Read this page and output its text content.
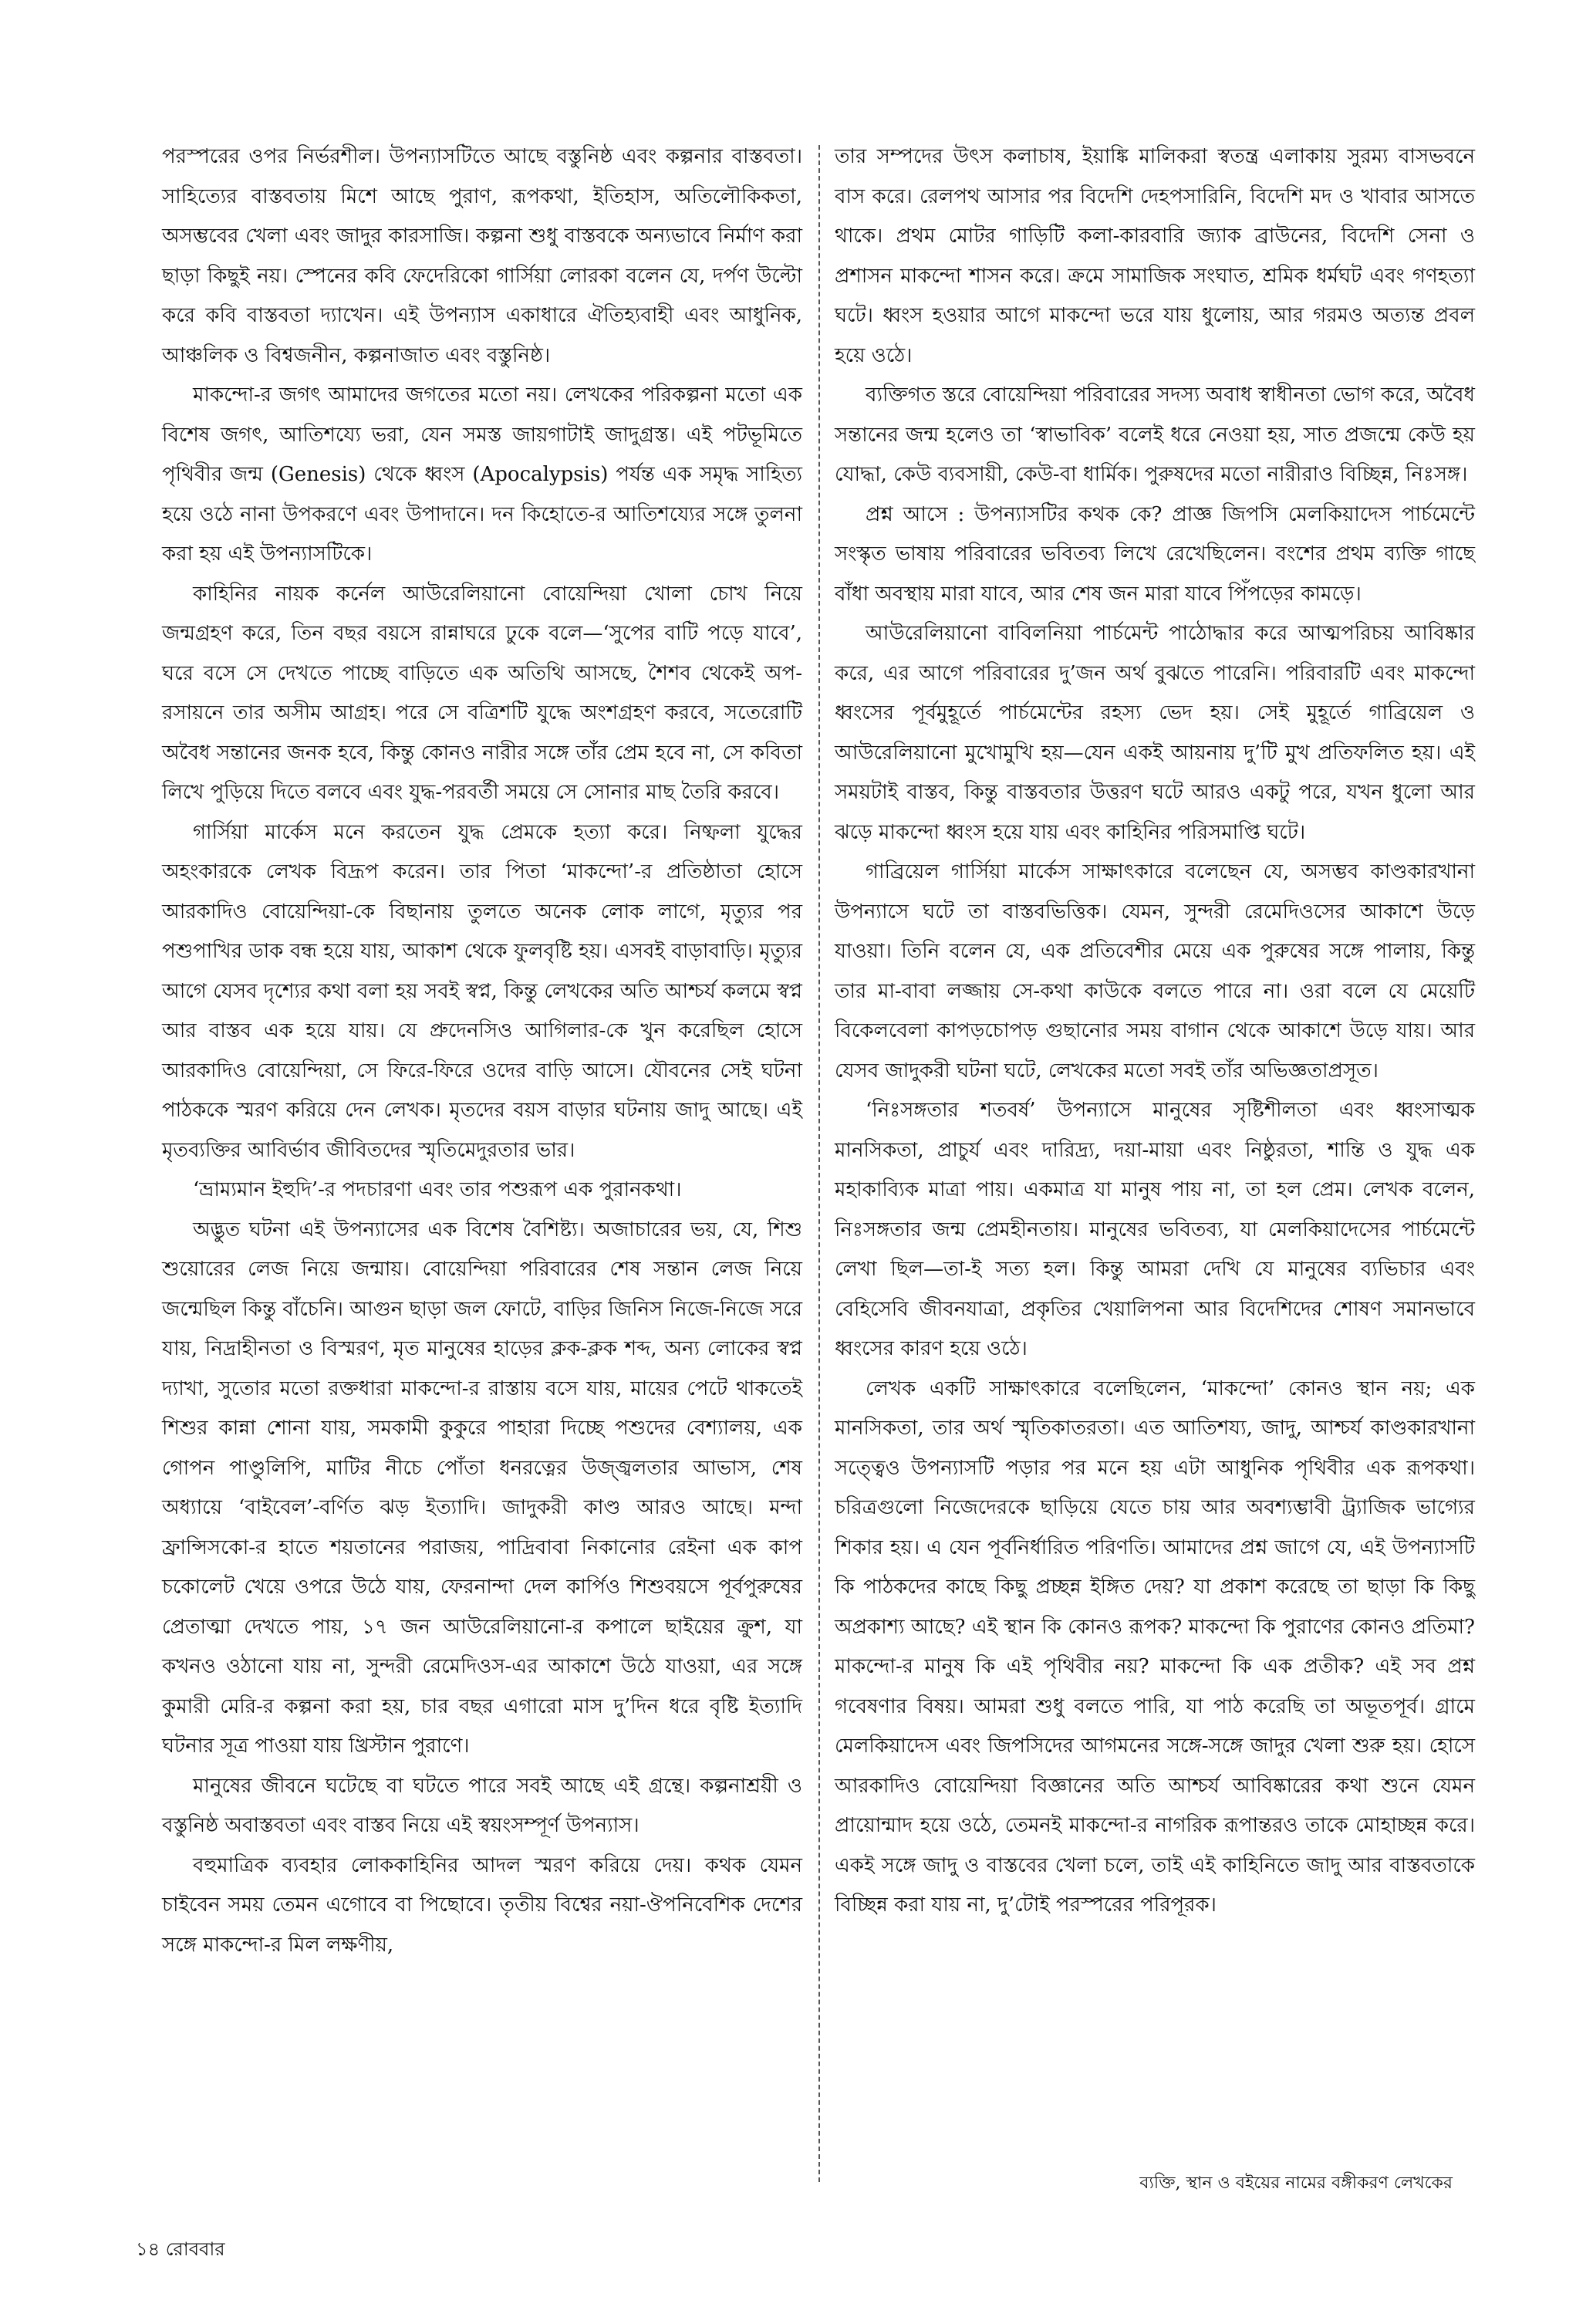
পরস্পরের ওপর নির্ভরশীল। উপন্যাসটিতে আছে বস্তুনিষ্ঠ এবং কল্পনার বাস্তবতা। সাহিত্যের বাস্তবতায় মিশে আছে পুরাণ, রূপকথা, ইতিহাস, অতিলৌকিকতা, অসম্ভবের খেলা এবং জাদুর কারসাজি। কল্পনা শুধু বাস্তবকে অন্যভাবে নির্মাণ করা ছাড়া কিছুই নয়। স্পেনের কবি ফেদেরিকো গার্সিয়া লোরকা বলেন যে, দর্পণ উল্টো করে কবি বাস্তবতা দ্যাখেন। এই উপন্যাস একাধারে ঐতিহ্যবাহী এবং আধুনিক, আঞ্চলিক ও বিশ্বজনীন, কল্পনাজাত এবং বস্তুনিষ্ঠ।

মাকন্দো-র জগৎ আমাদের জগতের মতো নয়। লেখকের পরিকল্পনা মতো এক বিশেষ জগৎ, আতিশয্যে ভরা, যেন সমস্ত জায়গাটাই জাদুগ্রস্ত। এই পটভূমিতে পৃথিবীর জন্ম (Genesis) থেকে ধ্বংস (Apocalypsis) পর্যন্ত এক সমৃদ্ধ সাহিত্য হয়ে ওঠে নানা উপকরণে এবং উপাদানে। দন কিহোতে-র আতিশয্যের সঙ্গে তুলনা করা হয় এই উপন্যাসটিকে।

কাহিনির নায়ক কর্নেল আউরেলিয়ানো বোয়েন্দিয়া খোলা চোখ নিয়ে জন্মগ্রহণ করে, তিন বছর বয়সে রান্নাঘরে ঢুকে বলে—‘সুপের বাটি পড়ে যাবে’, ঘরে বসে সে দেখতে পাচ্ছে বাড়িতে এক অতিথি আসছে, শৈশব থেকেই অপ-রসায়নে তার অসীম আগ্রহ। পরে সে বত্রিশটি যুদ্ধে অংশগ্রহণ করবে, সতেরোটি অবৈধ সন্তানের জনক হবে, কিন্তু কোনও নারীর সঙ্গে তাঁর প্রেম হবে না, সে কবিতা লিখে পুড়িয়ে দিতে বলবে এবং যুদ্ধ-পরবর্তী সময়ে সে সোনার মাছ তৈরি করবে।

গার্সিয়া মার্কেস মনে করতেন যুদ্ধ প্রেমকে হত্যা করে। নিষ্ফলা যুদ্ধের অহংকারকে লেখক বিদ্রূপ করেন। তার পিতা ‘মাকন্দো’-র প্রতিষ্ঠাতা হোসে আরকাদিও বোয়েন্দিয়া-কে বিছানায় তুলতে অনেক লোক লাগে, মৃত্যুর পর পশুপাখির ডাক বন্ধ হয়ে যায়, আকাশ থেকে ফুলবৃষ্টি হয়। এসবই বাড়াবাড়ি। মৃত্যুর আগে যেসব দৃশ্যের কথা বলা হয় সবই স্বপ্ন, কিন্তু লেখকের অতি আশ্চর্য কলমে স্বপ্ন আর বাস্তব এক হয়ে যায়। যে প্রুদেনসিও আগিলার-কে খুন করেছিল হোসে আরকাদিও বোয়েন্দিয়া, সে ফিরে-ফিরে ওদের বাড়ি আসে। যৌবনের সেই ঘটনা পাঠককে স্মরণ করিয়ে দেন লেখক। মৃতদের বয়স বাড়ার ঘটনায় জাদু আছে। এই মৃতব্যক্তির আবির্ভাব জীবিতদের স্মৃতিমেদুরতার ভার।

‘ভ্রাম্যমান ইহুদি’-র পদচারণা এবং তার পশুরূপ এক পুরানকথা।

অদ্ভুত ঘটনা এই উপন্যাসের এক বিশেষ বৈশিষ্ট্য। অজাচারের ভয়, যে, শিশু শুয়োরের লেজ নিয়ে জন্মায়। বোয়েন্দিয়া পরিবারের শেষ সন্তান লেজ নিয়ে জন্মেছিল কিন্তু বাঁচেনি। আগুন ছাড়া জল ফোটে, বাড়ির জিনিস নিজে-নিজে সরে যায়, নিদ্রাহীনতা ও বিস্মরণ, মৃত মানুষের হাড়ের ক্লক-ক্লক শব্দ, অন্য লোকের স্বপ্ন দ্যাখা, সুতোর মতো রক্তধারা মাকন্দো-র রাস্তায় বসে যায়, মায়ের পেটে থাকতেই শিশুর কান্না শোনা যায়, সমকামী কুকুরে পাহারা দিচ্ছে পশুদের বেশ্যালয়, এক গোপন পাণ্ডুলিপি, মাটির নীচে পোঁতা ধনরত্নের উজ্জ্বলতার আভাস, শেষ অধ্যায়ে ‘বাইবেল’-বর্ণিত ঝড় ইত্যাদি। জাদুকরী কাণ্ড আরও আছে। মন্দা ফ্রান্সিসকো-র হাতে শয়তানের পরাজয়, পাদ্রিবাবা নিকানোর রেইনা এক কাপ চকোলেট খেয়ে ওপরে উঠে যায়, ফেরনান্দা দেল কার্পিও শিশুবয়সে পূর্বপুরুষের প্রেতাত্মা দেখতে পায়, ১৭ জন আউরেলিয়ানো-র কপালে ছাইয়ের ক্রুশ, যা কখনও ওঠানো যায় না, সুন্দরী রেমেদিওস-এর আকাশে উঠে যাওয়া, এর সঙ্গে কুমারী মেরি-র কল্পনা করা হয়, চার বছর এগারো মাস দু’দিন ধরে বৃষ্টি ইত্যাদি ঘটনার সূত্র পাওয়া যায় খ্রিস্টান পুরাণে।

মানুষের জীবনে ঘটেছে বা ঘটতে পারে সবই আছে এই গ্রন্থে। কল্পনাশ্রয়ী ও বস্তুনিষ্ঠ অবাস্তবতা এবং বাস্তব নিয়ে এই স্বয়ংসম্পূর্ণ উপন্যাস।

বহুমাত্রিক ব্যবহার লোককাহিনির আদল স্মরণ করিয়ে দেয়। কথক যেমন চাইবেন সময় তেমন এগোবে বা পিছোবে। তৃতীয় বিশ্বের নয়া-ঔপনিবেশিক দেশের সঙ্গে মাকন্দো-র মিল লক্ষণীয়,

তার সম্পদের উৎস কলাচাষ, ইয়াঙ্কি মালিকরা স্বতন্ত্র এলাকায় সুরম্য বাসভবনে বাস করে। রেলপথ আসার পর বিদেশি দেহপসারিনি, বিদেশি মদ ও খাবার আসতে থাকে। প্রথম মোটর গাড়িটি কলা-কারবারি জ্যাক ব্রাউনের, বিদেশি সেনা ও প্রশাসন মাকন্দো শাসন করে। ক্রমে সামাজিক সংঘাত, শ্রমিক ধর্মঘট এবং গণহত্যা ঘটে। ধ্বংস হওয়ার আগে মাকন্দো ভরে যায় ধুলোয়, আর গরমও অত্যন্ত প্রবল হয়ে ওঠে।

ব্যক্তিগত স্তরে বোয়েন্দিয়া পরিবারের সদস্য অবাধ স্বাধীনতা ভোগ করে, অবৈধ সন্তানের জন্ম হলেও তা ‘স্বাভাবিক’ বলেই ধরে নেওয়া হয়, সাত প্রজন্মে কেউ হয় যোদ্ধা, কেউ ব্যবসায়ী, কেউ-বা ধার্মিক। পুরুষদের মতো নারীরাও বিচ্ছিন্ন, নিঃসঙ্গ।

প্রশ্ন আসে : উপন্যাসটির কথক কে? প্রাজ্ঞ জিপসি মেলকিয়াদেস পার্চমেন্টে সংস্কৃত ভাষায় পরিবারের ভবিতব্য লিখে রেখেছিলেন। বংশের প্রথম ব্যক্তি গাছে বাঁধা অবস্থায় মারা যাবে, আর শেষ জন মারা যাবে পিঁপড়ের কামড়ে।

আউরেলিয়ানো বাবিলনিয়া পার্চমেন্ট পাঠোদ্ধার করে আত্মপরিচয় আবিষ্কার করে, এর আগে পরিবারের দু’জন অর্থ বুঝতে পারেনি। পরিবারটি এবং মাকন্দো ধ্বংসের পূর্বমুহূর্তে পার্চমেন্টের রহস্য ভেদ হয়। সেই মুহূর্তে গাব্রিয়েল ও আউরেলিয়ানো মুখোমুখি হয়—যেন একই আয়নায় দু’টি মুখ প্রতিফলিত হয়। এই সময়টাই বাস্তব, কিন্তু বাস্তবতার উত্তরণ ঘটে আরও একটু পরে, যখন ধুলো আর ঝড়ে মাকন্দো ধ্বংস হয়ে যায় এবং কাহিনির পরিসমাপ্তি ঘটে।

গাব্রিয়েল গার্সিয়া মার্কেস সাক্ষাৎকারে বলেছেন যে, অসম্ভব কাণ্ডকারখানা উপন্যাসে ঘটে তা বাস্তবভিত্তিক। যেমন, সুন্দরী রেমেদিওসের আকাশে উড়ে যাওয়া। তিনি বলেন যে, এক প্রতিবেশীর মেয়ে এক পুরুষের সঙ্গে পালায়, কিন্তু তার মা-বাবা লজ্জায় সে-কথা কাউকে বলতে পারে না। ওরা বলে যে মেয়েটি বিকেলবেলা কাপড়চোপড় গুছানোর সময় বাগান থেকে আকাশে উড়ে যায়। আর যেসব জাদুকরী ঘটনা ঘটে, লেখকের মতো সবই তাঁর অভিজ্ঞতাপ্রসূত।

‘নিঃসঙ্গতার শতবর্ষ’ উপন্যাসে মানুষের সৃষ্টিশীলতা এবং ধ্বংসাত্মক মানসিকতা, প্রাচুর্য এবং দারিদ্র্য, দয়া-মায়া এবং নিষ্ঠুরতা, শান্তি ও যুদ্ধ এক মহাকাব্যিক মাত্রা পায়। একমাত্র যা মানুষ পায় না, তা হল প্রেম। লেখক বলেন, নিঃসঙ্গতার জন্ম প্রেমহীনতায়। মানুষের ভবিতব্য, যা মেলকিয়াদেসের পার্চমেন্টে লেখা ছিল—তা-ই সত্য হল। কিন্তু আমরা দেখি যে মানুষের ব্যভিচার এবং বেহিসেবি জীবনযাত্রা, প্রকৃতির খেয়ালিপনা আর বিদেশিদের শোষণ সমানভাবে ধ্বংসের কারণ হয়ে ওঠে।

লেখক একটি সাক্ষাৎকারে বলেছিলেন, ‘মাকন্দো’ কোনও স্থান নয়; এক মানসিকতা, তার অর্থ স্মৃতিকাতরতা। এত আতিশয্য, জাদু, আশ্চর্য কাণ্ডকারখানা সত্ত্বেও উপন্যাসটি পড়ার পর মনে হয় এটা আধুনিক পৃথিবীর এক রূপকথা। চরিত্রগুলো নিজেদেরকে ছাড়িয়ে যেতে চায় আর অবশ্যম্ভাবী ট্র্যাজিক ভাগ্যের শিকার হয়। এ যেন পূর্বনির্ধারিত পরিণতি। আমাদের প্রশ্ন জাগে যে, এই উপন্যাসটি কি পাঠকদের কাছে কিছু প্রচ্ছন্ন ইঙ্গিত দেয়? যা প্রকাশ করেছে তা ছাড়া কি কিছু অপ্রকাশ্য আছে? এই স্থান কি কোনও রূপক? মাকন্দো কি পুরাণের কোনও প্রতিমা? মাকন্দো-র মানুষ কি এই পৃথিবীর নয়? মাকন্দো কি এক প্রতীক? এই সব প্রশ্ন গবেষণার বিষয়। আমরা শুধু বলতে পারি, যা পাঠ করেছি তা অভূতপূর্ব। গ্রামে মেলকিয়াদেস এবং জিপসিদের আগমনের সঙ্গে-সঙ্গে জাদুর খেলা শুরু হয়। হোসে আরকাদিও বোয়েন্দিয়া বিজ্ঞানের অতি আশ্চর্য আবিষ্কারের কথা শুনে যেমন প্রায়োন্মাদ হয়ে ওঠে, তেমনই মাকন্দো-র নাগরিক রূপান্তরও তাকে মোহাচ্ছন্ন করে। একই সঙ্গে জাদু ও বাস্তবের খেলা চলে, তাই এই কাহিনিতে জাদু আর বাস্তবতাকে বিচ্ছিন্ন করা যায় না, দু’টোই পরস্পরের পরিপূরক।

ব্যক্তি, স্থান ও বইয়ের নামের বঙ্গীকরণ লেখকের
১৪ রোববার
